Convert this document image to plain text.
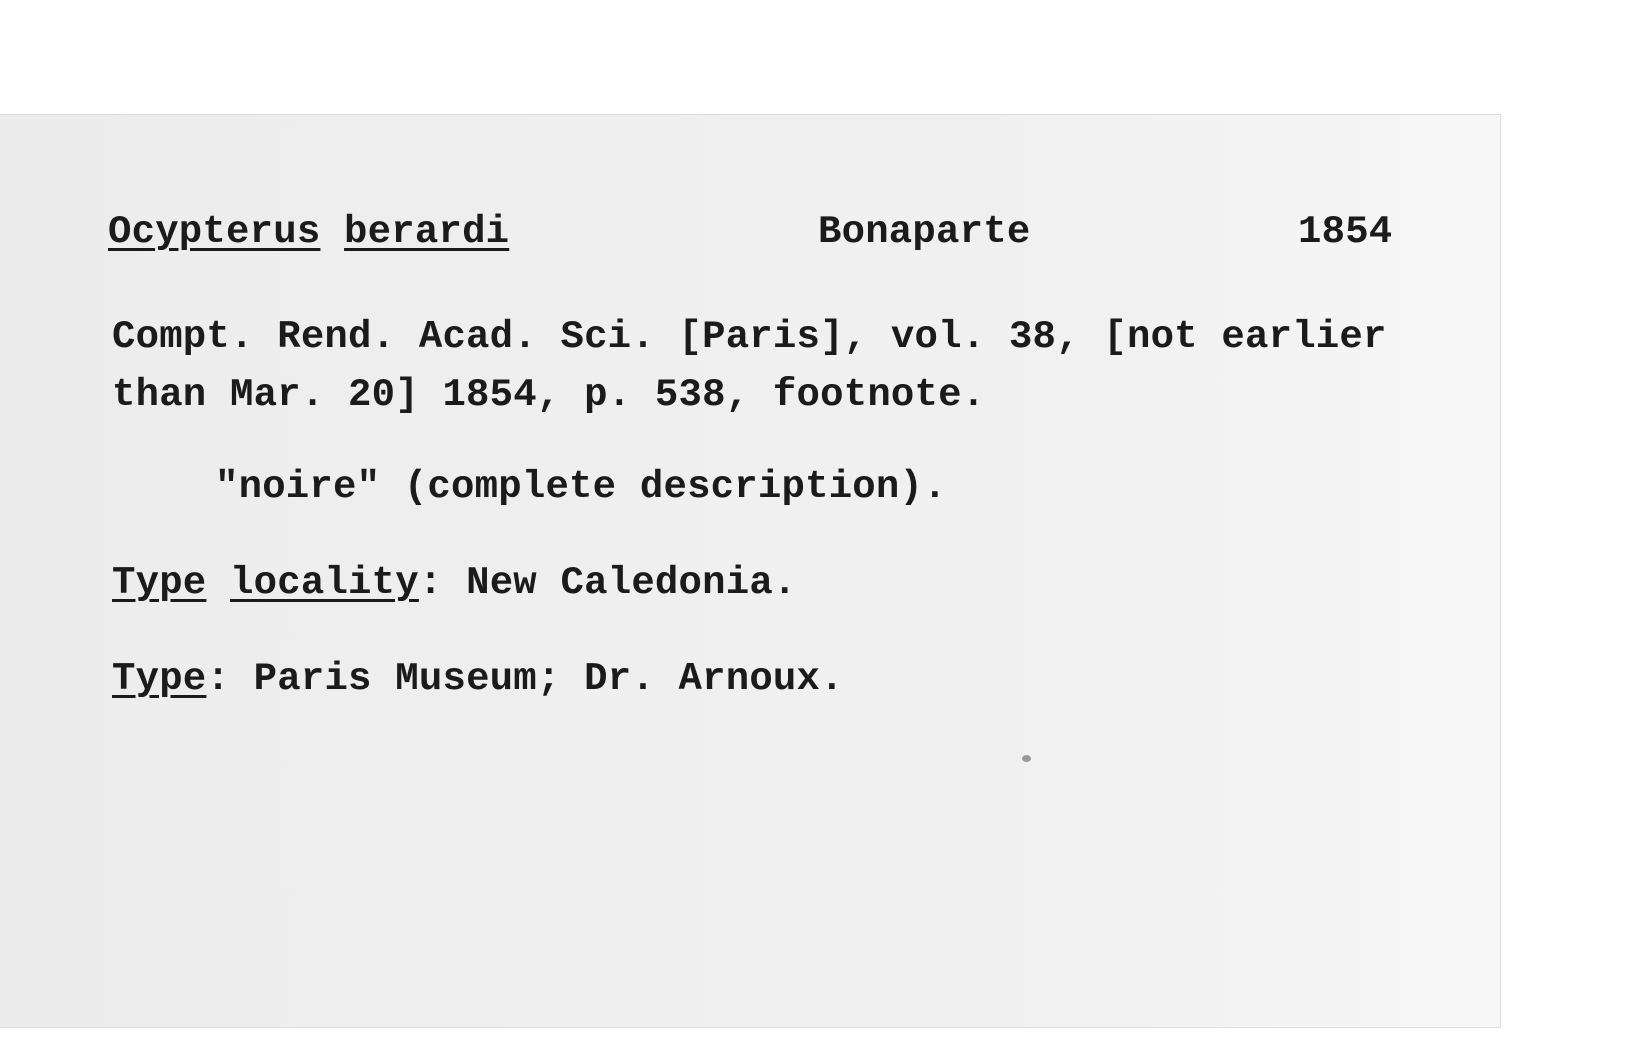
Ocypterus berardi	Bonaparte	1854
Compt. Rend. Acad. Sci. [Paris], vol. 38, [not earlier
than Mar. 20] 1854, p. 538, footnote.
"noire" (complete description).
Type locality: New Caledonia.
Type: Paris Museum; Dr. Arnoux.
